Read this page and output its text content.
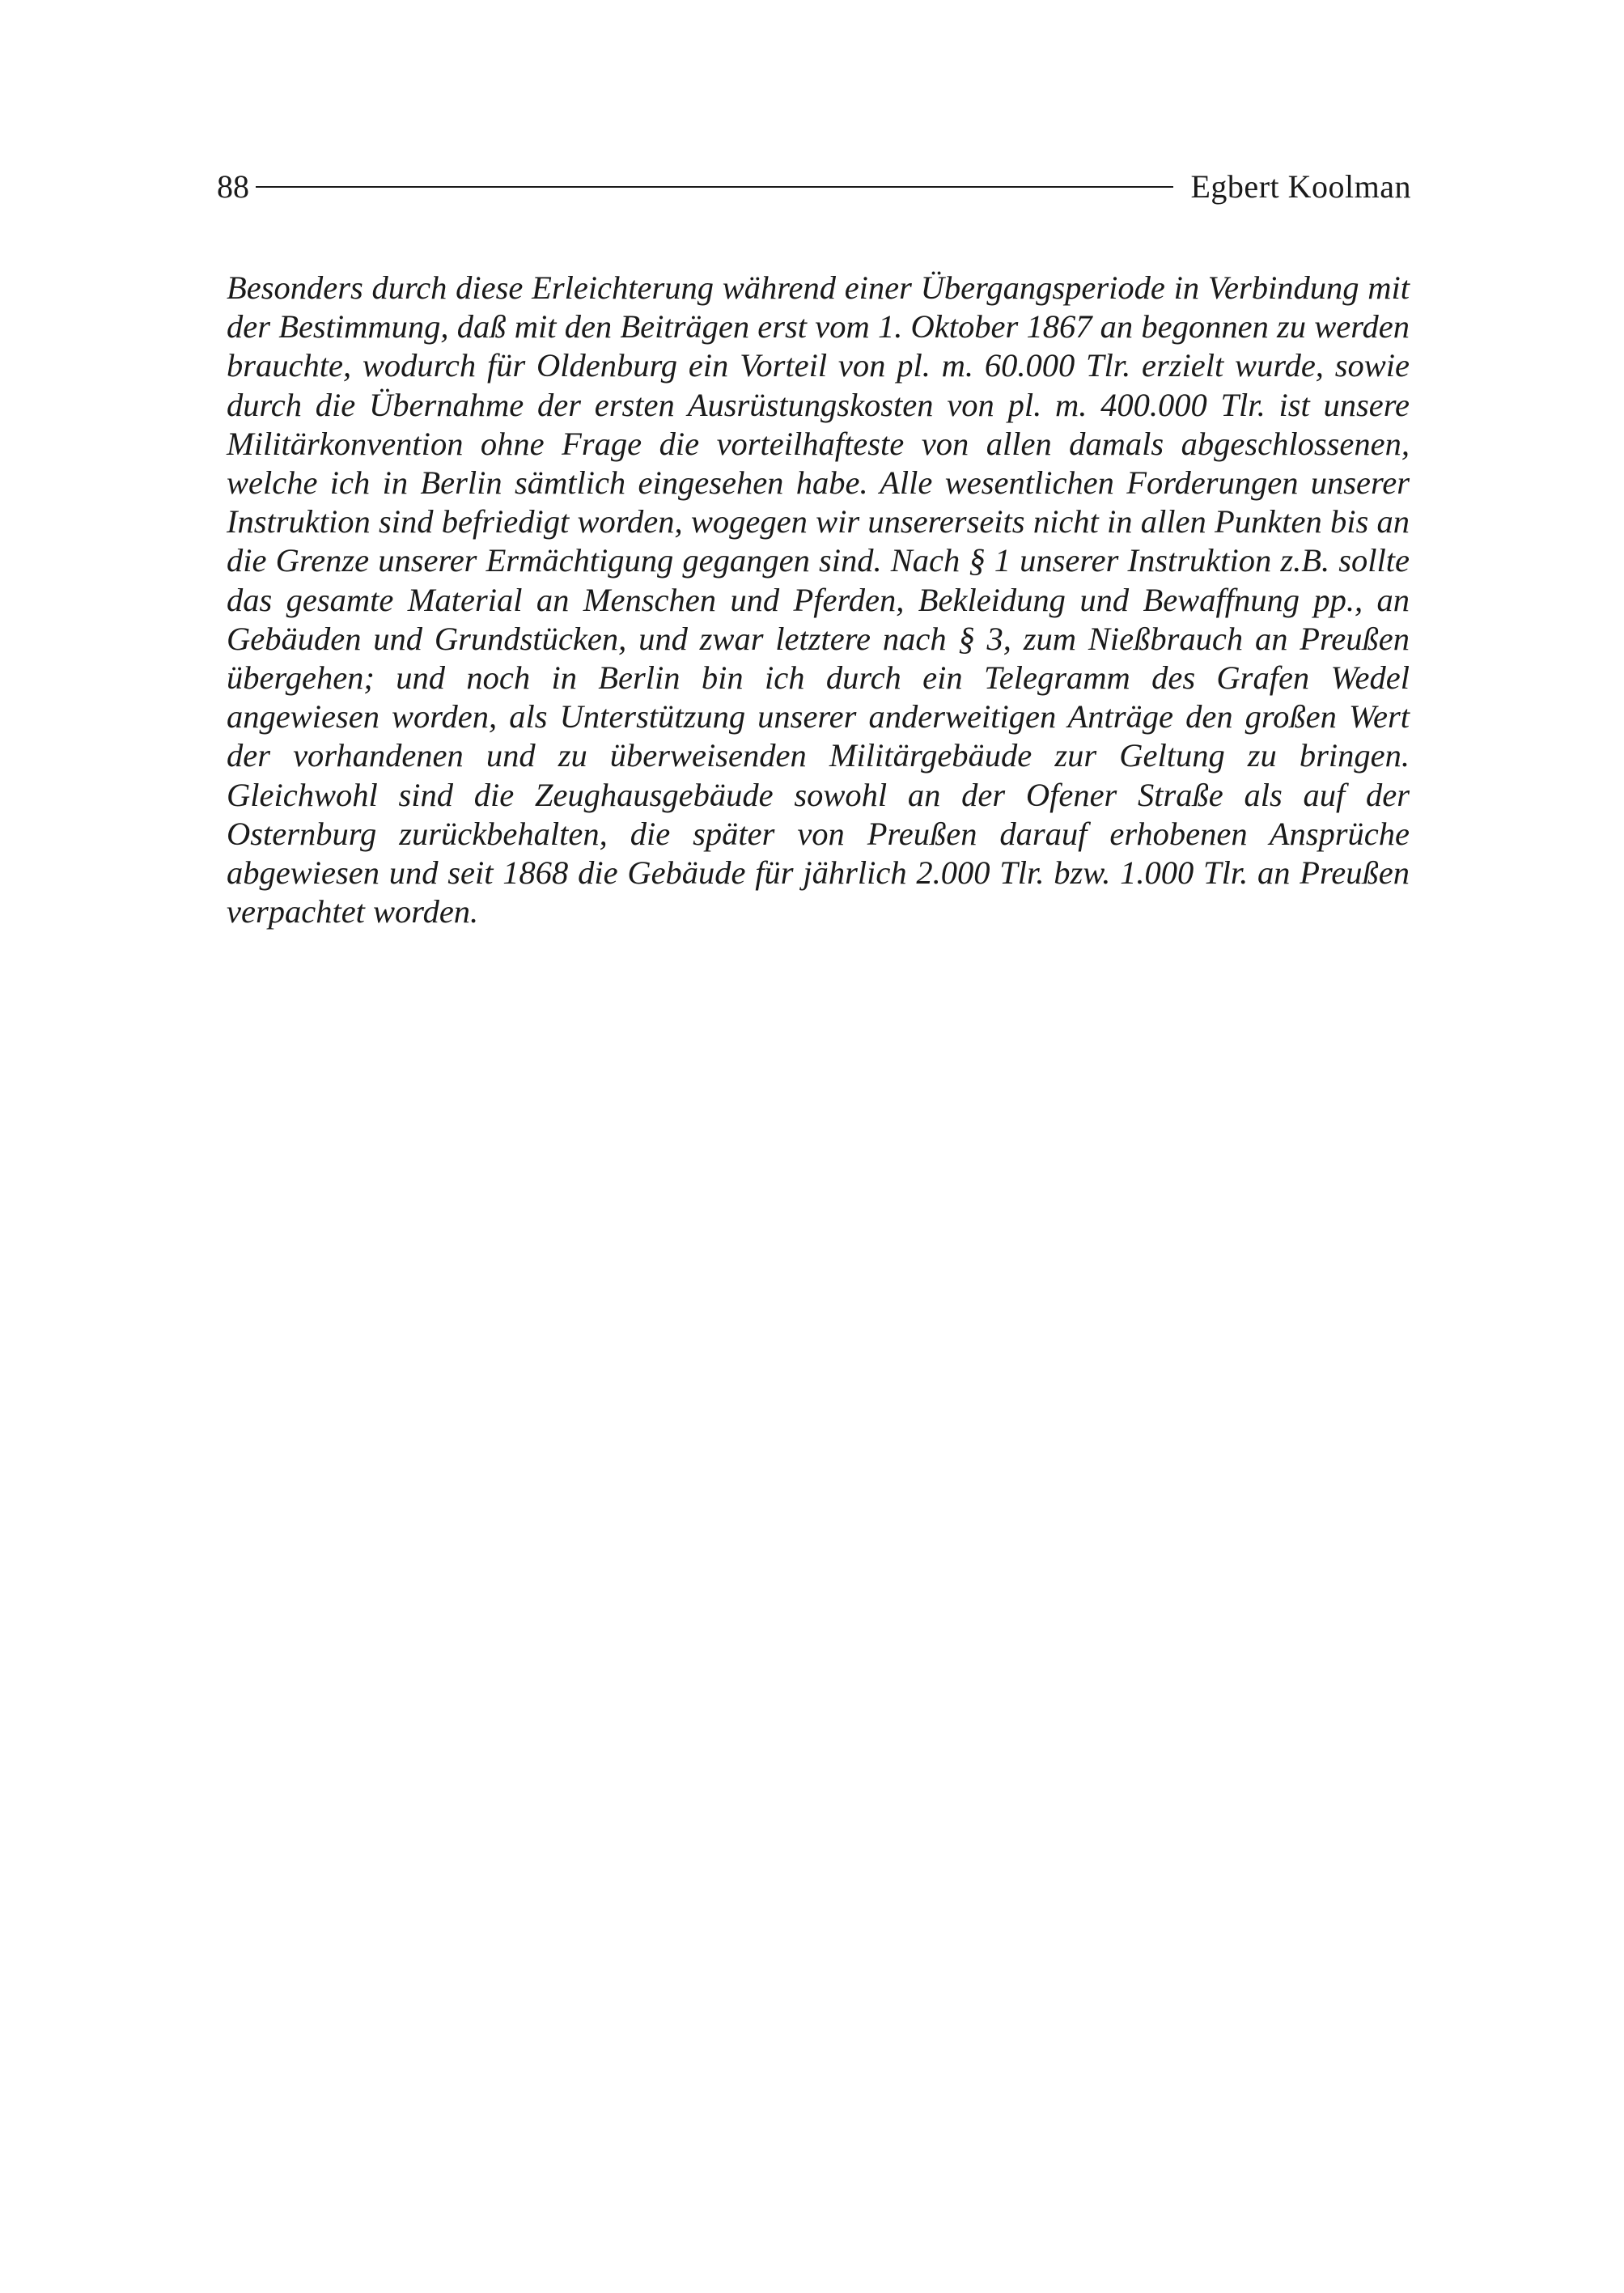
88	Egbert Koolman

Besonders durch diese Erleichterung während einer Übergangsperiode in Verbindung mit der Bestimmung, daß mit den Beiträgen erst vom 1. Oktober 1867 an begonnen zu werden brauchte, wodurch für Oldenburg ein Vorteil von pl. m. 60.000 Tlr. erzielt wurde, sowie durch die Übernahme der ersten Ausrüstungskosten von pl. m. 400.000 Tlr. ist unsere Militärkonvention ohne Frage die vorteilhafteste von allen damals abgeschlossenen, welche ich in Berlin sämtlich eingesehen habe. Alle wesentlichen Forderungen unserer Instruktion sind befriedigt worden, wogegen wir unsererseits nicht in allen Punkten bis an die Grenze unserer Ermächtigung gegangen sind. Nach § 1 unserer Instruktion z.B. sollte das gesamte Material an Menschen und Pferden, Bekleidung und Bewaffnung pp., an Gebäuden und Grundstücken, und zwar letztere nach § 3, zum Nießbrauch an Preußen übergehen; und noch in Berlin bin ich durch ein Telegramm des Grafen Wedel angewiesen worden, als Unterstützung unserer anderweitigen Anträge den großen Wert der vorhandenen und zu überweisenden Militärgebäude zur Geltung zu bringen. Gleichwohl sind die Zeughausgebäude sowohl an der Ofener Straße als auf der Osternburg zurückbehalten, die später von Preußen darauf erhobenen Ansprüche abgewiesen und seit 1868 die Gebäude für jährlich 2.000 Tlr. bzw. 1.000 Tlr. an Preußen verpachtet worden.
